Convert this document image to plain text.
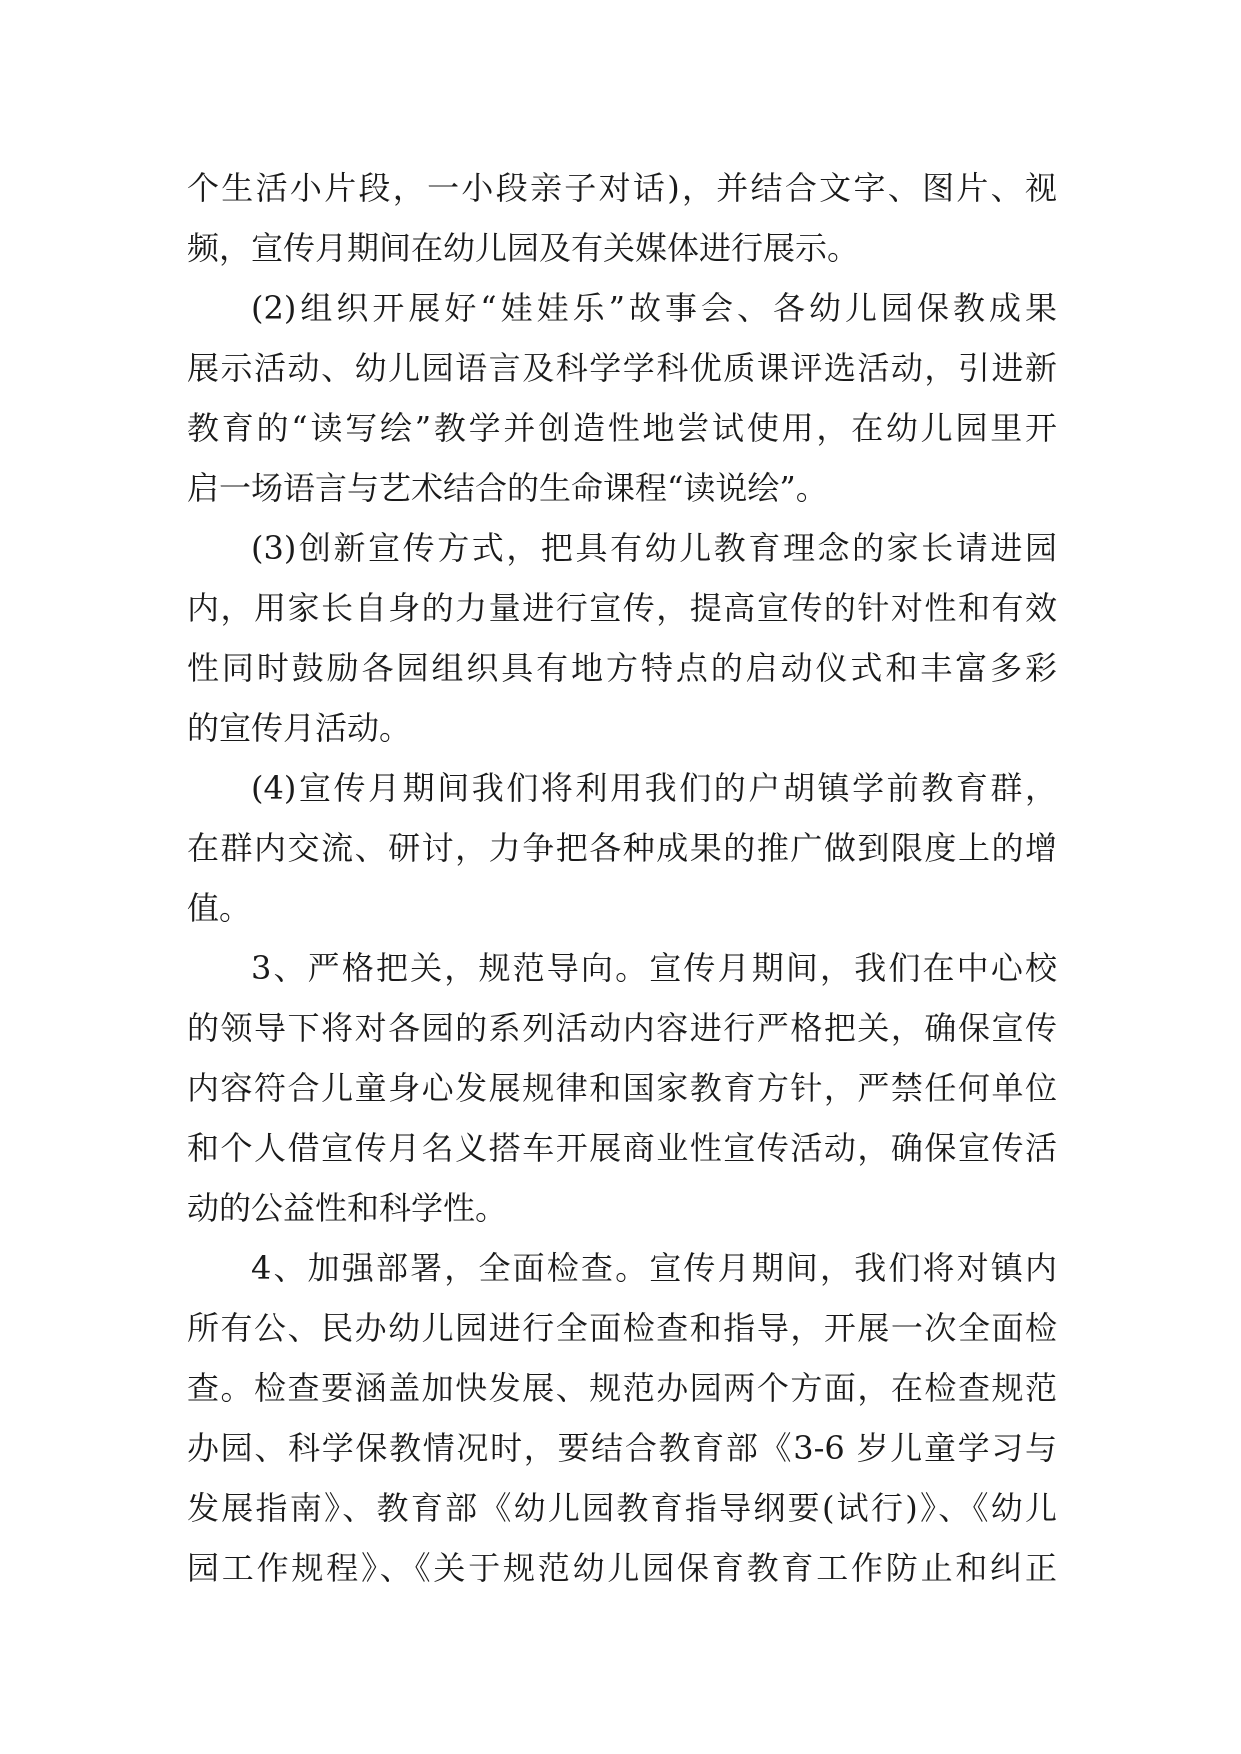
个生活小片段，一小段亲子对话)，并结合文字、图片、视
频，宣传月期间在幼儿园及有关媒体进行展示。
(2)组织开展好“娃娃乐”故事会、各幼儿园保教成果
展示活动、幼儿园语言及科学学科优质课评选活动，引进新
教育的“读写绘”教学并创造性地尝试使用，在幼儿园里开
启一场语言与艺术结合的生命课程“读说绘”。
(3)创新宣传方式，把具有幼儿教育理念的家长请进园
内，用家长自身的力量进行宣传，提高宣传的针对性和有效
性同时鼓励各园组织具有地方特点的启动仪式和丰富多彩
的宣传月活动。
(4)宣传月期间我们将利用我们的户胡镇学前教育群，
在群内交流、研讨，力争把各种成果的推广做到限度上的增
值。
3、严格把关，规范导向。宣传月期间，我们在中心校
的领导下将对各园的系列活动内容进行严格把关，确保宣传
内容符合儿童身心发展规律和国家教育方针，严禁任何单位
和个人借宣传月名义搭车开展商业性宣传活动，确保宣传活
动的公益性和科学性。
4、加强部署，全面检查。宣传月期间，我们将对镇内
所有公、民办幼儿园进行全面检查和指导，开展一次全面检
查。检查要涵盖加快发展、规范办园两个方面，在检查规范
办园、科学保教情况时，要结合教育部《3-6 岁儿童学习与
发展指南》、教育部《幼儿园教育指导纲要(试行)》、《幼儿
园工作规程》、《关于规范幼儿园保育教育工作防止和纠正
